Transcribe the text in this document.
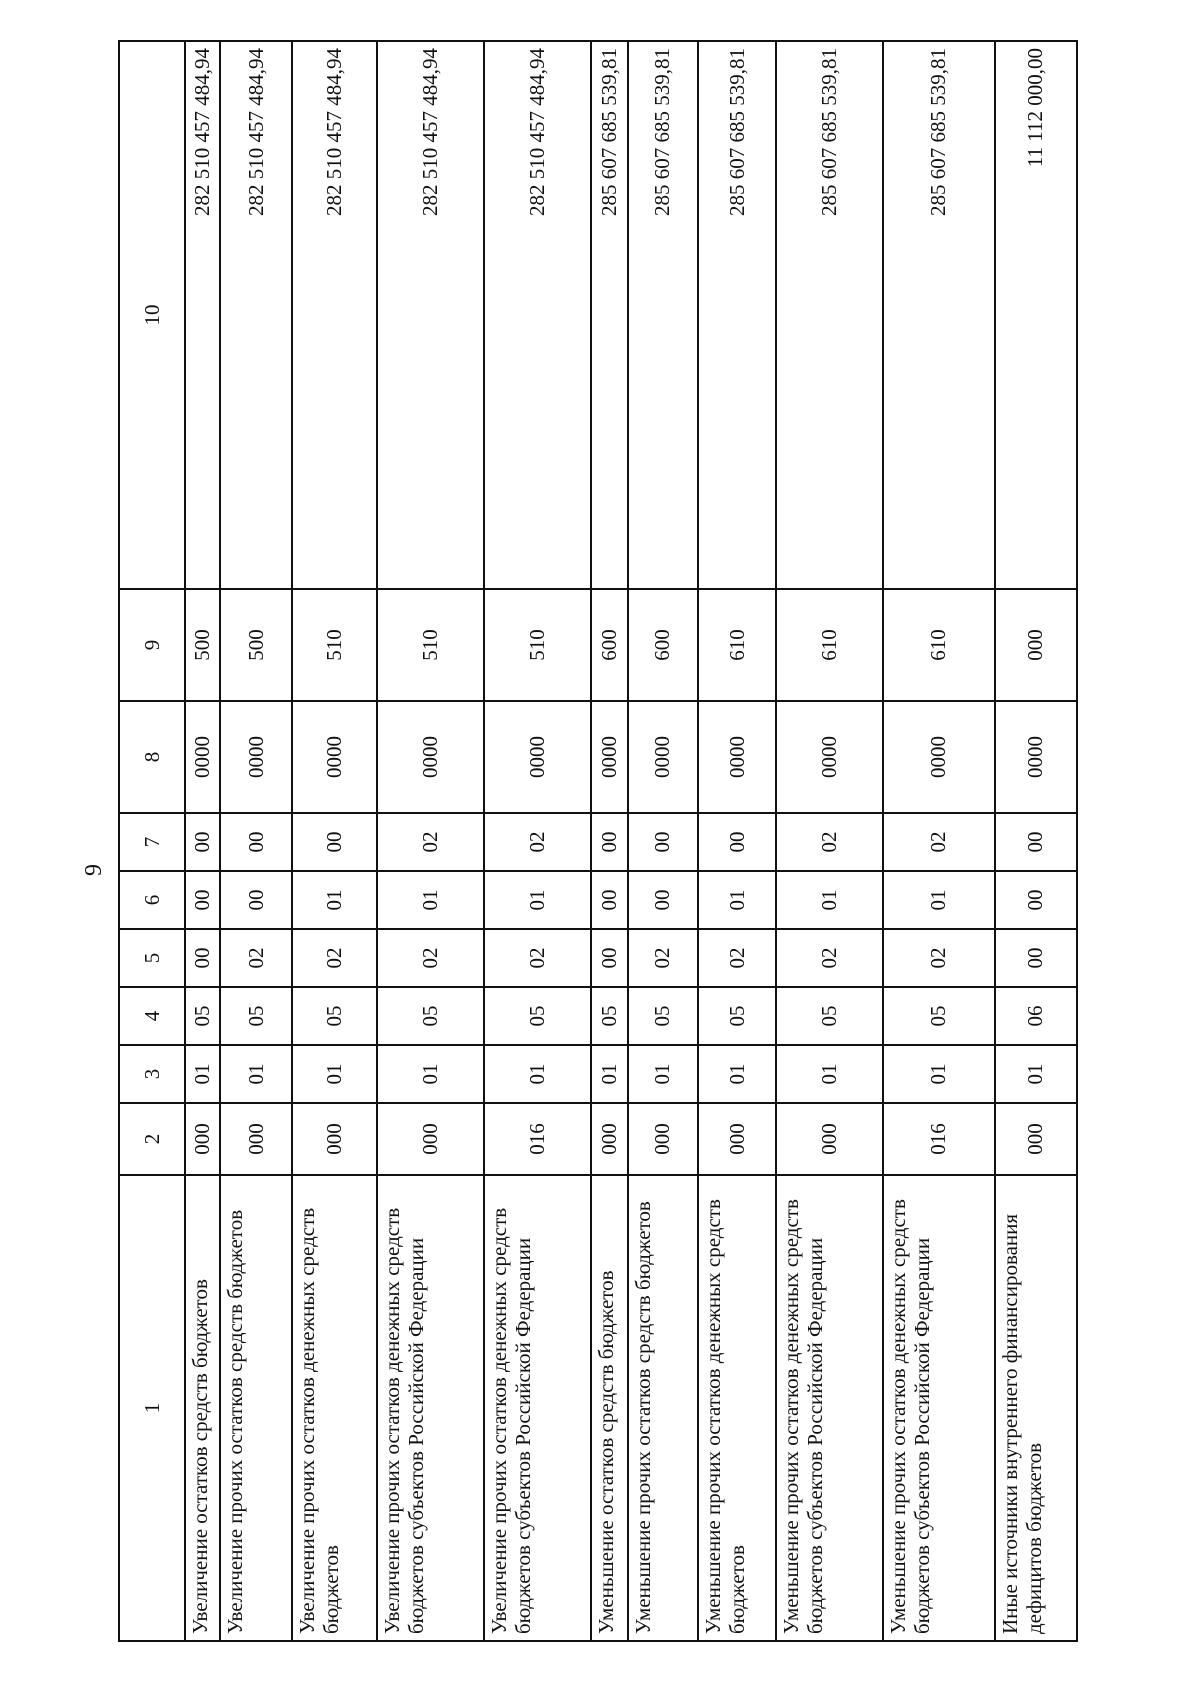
9
1	2	3	4	5	6	7	8	9	10
Увеличение остатков средств бюджетов	000	01	05	00	00	00	0000	500	282 510 457 484,94
Увеличение прочих остатков средств бюджетов	000	01	05	02	00	00	0000	500	282 510 457 484,94
Увеличение прочих остатков денежных средств бюджетов	000	01	05	02	01	00	0000	510	282 510 457 484,94
Увеличение прочих остатков денежных средств бюджетов субъектов Российской Федерации	000	01	05	02	01	02	0000	510	282 510 457 484,94
Увеличение прочих остатков денежных средств бюджетов субъектов Российской Федерации	016	01	05	02	01	02	0000	510	282 510 457 484,94
Уменьшение остатков средств бюджетов	000	01	05	00	00	00	0000	600	285 607 685 539,81
Уменьшение прочих остатков средств бюджетов	000	01	05	02	00	00	0000	600	285 607 685 539,81
Уменьшение прочих остатков денежных средств бюджетов	000	01	05	02	01	00	0000	610	285 607 685 539,81
Уменьшение прочих остатков денежных средств бюджетов субъектов Российской Федерации	000	01	05	02	01	02	0000	610	285 607 685 539,81
Уменьшение прочих остатков денежных средств бюджетов субъектов Российской Федерации	016	01	05	02	01	02	0000	610	285 607 685 539,81
Иные источники внутреннего финансирования дефицитов бюджетов	000	01	06	00	00	00	0000	000	11 112 000,00
